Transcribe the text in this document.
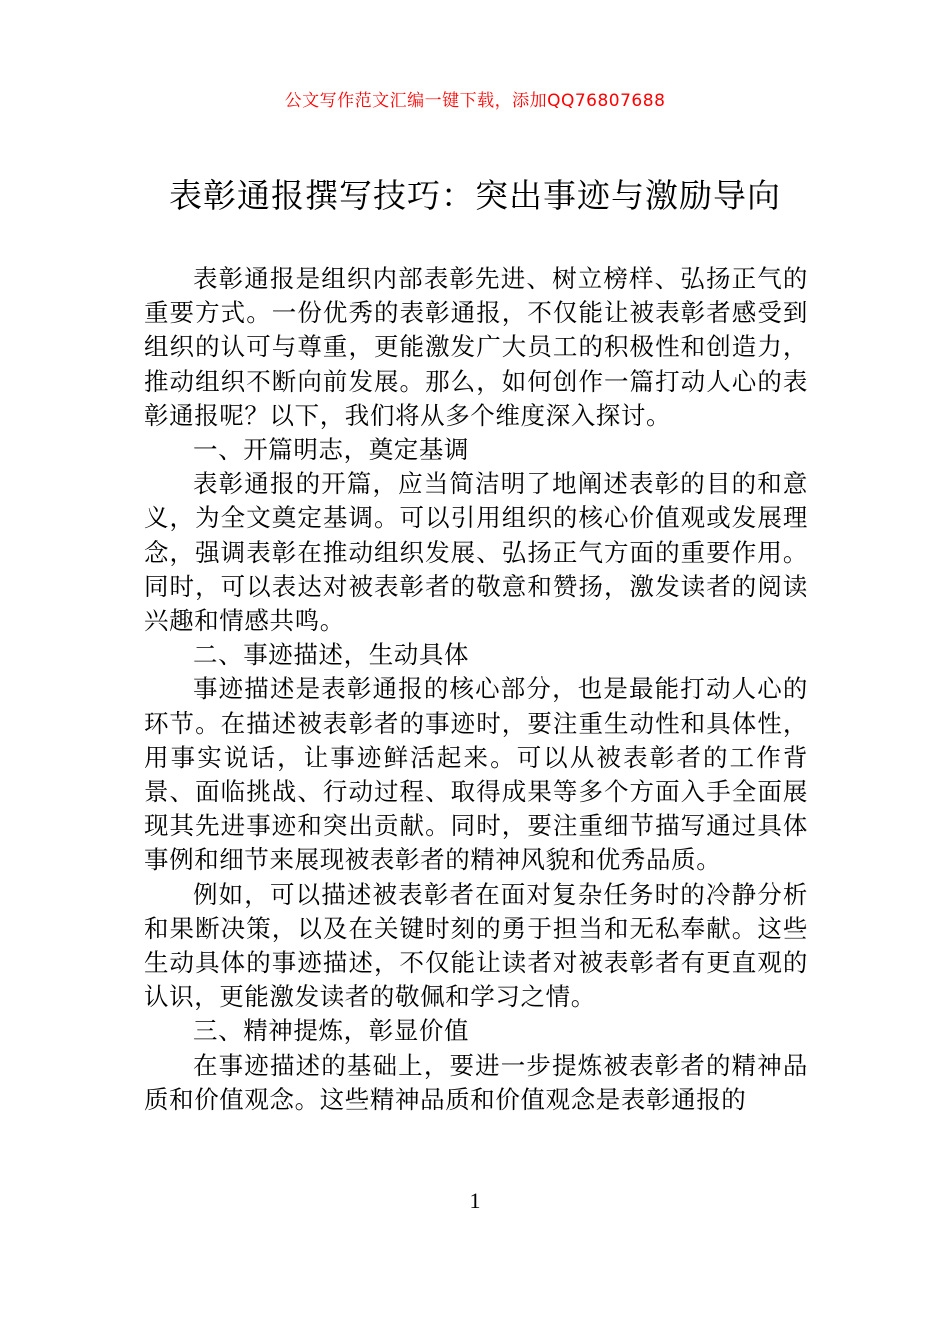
公文写作范文汇编一键下载，添加QQ76807688
表彰通报撰写技巧：突出事迹与激励导向

表彰通报是组织内部表彰先进、树立榜样、弘扬正气的重要方式。一份优秀的表彰通报，不仅能让被表彰者感受到组织的认可与尊重，更能激发广大员工的积极性和创造力，推动组织不断向前发展。那么，如何创作一篇打动人心的表彰通报呢？以下，我们将从多个维度深入探讨。

一、开篇明志，奠定基调

表彰通报的开篇，应当简洁明了地阐述表彰的目的和意义，为全文奠定基调。可以引用组织的核心价值观或发展理念，强调表彰在推动组织发展、弘扬正气方面的重要作用。同时，可以表达对被表彰者的敬意和赞扬，激发读者的阅读兴趣和情感共鸣。

二、事迹描述，生动具体

事迹描述是表彰通报的核心部分，也是最能打动人心的环节。在描述被表彰者的事迹时，要注重生动性和具体性，用事实说话，让事迹鲜活起来。可以从被表彰者的工作背景、面临挑战、行动过程、取得成果等多个方面入手全面展现其先进事迹和突出贡献。同时，要注重细节描写通过具体事例和细节来展现被表彰者的精神风貌和优秀品质。

例如，可以描述被表彰者在面对复杂任务时的冷静分析和果断决策，以及在关键时刻的勇于担当和无私奉献。这些生动具体的事迹描述，不仅能让读者对被表彰者有更直观的认识，更能激发读者的敬佩和学习之情。

三、精神提炼，彰显价值

在事迹描述的基础上，要进一步提炼被表彰者的精神品质和价值观念。这些精神品质和价值观念是表彰通报的

1
